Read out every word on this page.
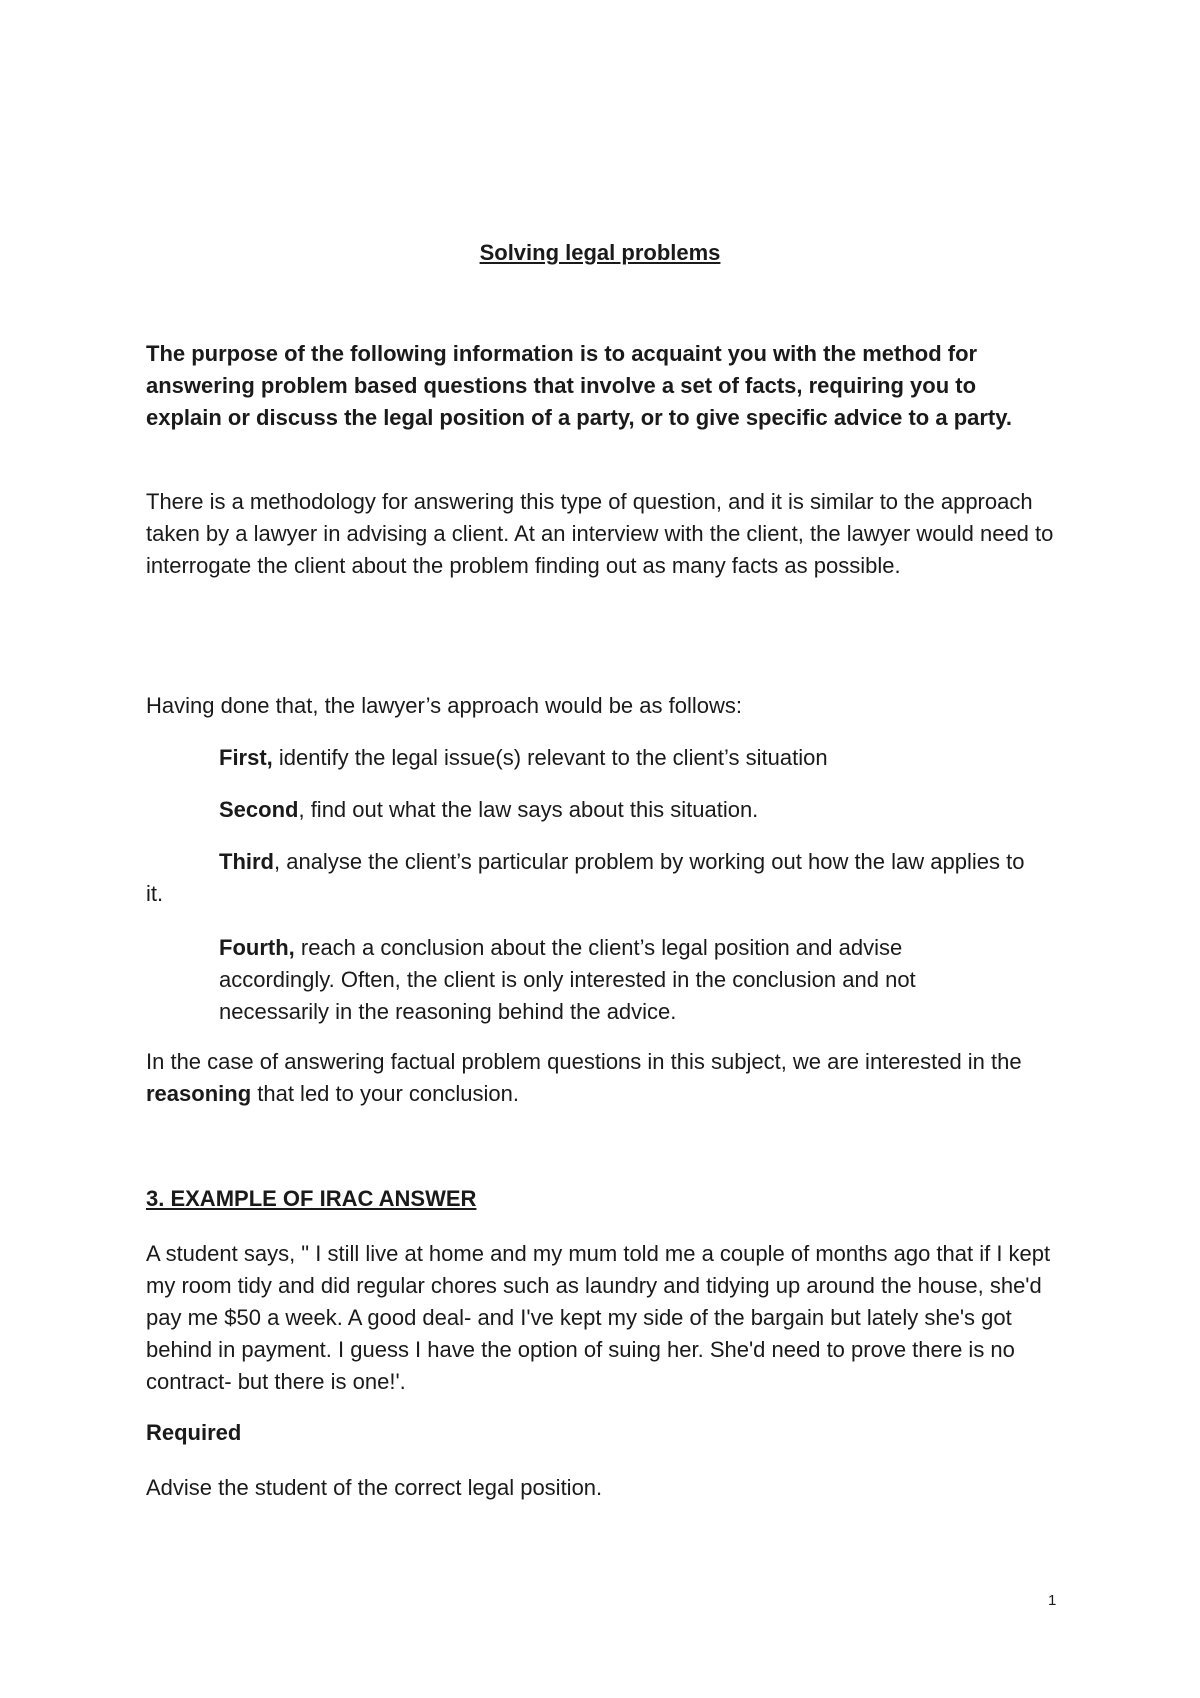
Solving legal problems

The purpose of the following information is to acquaint you with the method for answering problem based questions that involve a set of facts, requiring you to explain or discuss the legal position of a party, or to give specific advice to a party.

There is a methodology for answering this type of question, and it is similar to the approach taken by a lawyer in advising a client. At an interview with the client, the lawyer would need to interrogate the client about the problem finding out as many facts as possible.

Having done that, the lawyer’s approach would be as follows:

First, identify the legal issue(s) relevant to the client’s situation

Second, find out what the law says about this situation.

Third, analyse the client’s particular problem by working out how the law applies to it.

Fourth, reach a conclusion about the client’s legal position and advise accordingly. Often, the client is only interested in the conclusion and not necessarily in the reasoning behind the advice.

In the case of answering factual problem questions in this subject, we are interested in the reasoning that led to your conclusion.

3. EXAMPLE OF IRAC ANSWER

A student says, " I still live at home and my mum told me a couple of months ago that if I kept my room tidy and did regular chores such as laundry and tidying up around the house, she'd pay me $50 a week. A good deal- and I've kept my side of the bargain but lately she's got behind in payment. I guess I have the option of suing her. She'd need to prove there is no contract- but there is one!'.

Required

Advise the student of the correct legal position.

1
